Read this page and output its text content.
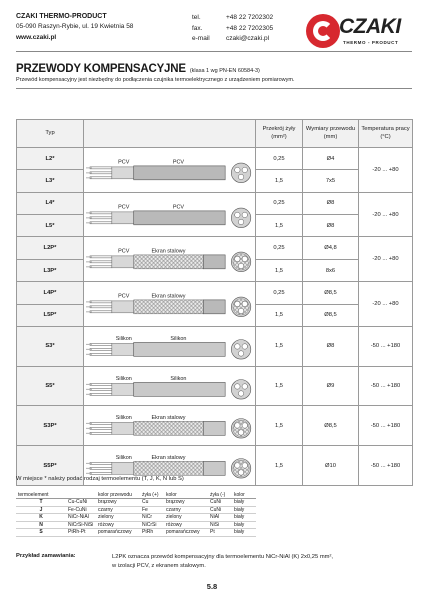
CZAKI THERMO-PRODUCT
05-090 Raszyn-Rybie, ul. 19 Kwietnia 58
www.czaki.pl
tel.	+48 22 7202302
fax.	+48 22 7202305
e-mail	czaki@czaki.pl
CZAKI
THERMO - PRODUCT
PRZEWODY KOMPENSACYJNE (klasa 1 wg PN-EN 60584-3)
Przewód kompensacyjny jest niezbędny do podłączenia czujnika termoelektrycznego z urządzeniem pomiarowym.
Typ		Przekrój żyły (mm²)	Wymiary przewodu (mm)	Temperatura pracy (°C)
L2*	PCV PCV	0,25	Ø4	-20 ... +80
L3*		1,5	7x5	
L4*	PCV PCV	0,25	Ø8	-20 ... +80
L5*		1,5	Ø8	
L2P*	PCV Ekran stalowy	0,25	Ø4,8	-20 ... +80
L3P*		1,5	8x6	
L4P*	PCV Ekran stalowy	0,25	Ø8,5	-20 ... +80
L5P*		1,5	Ø8,5	
S3*	Silikon Silikon	1,5	Ø8	-50 ... +180
S5*	Silikon Silikon	1,5	Ø9	-50 ... +180
S3P*	Silikon Ekran stalowy	1,5	Ø8,5	-50 ... +180
S5P*	Silikon Ekran stalowy	1,5	Ø10	-50 ... +180
W miejsce * należy podać rodzaj termoelementu (T, J, K, N lub S)
termoelement		kolor przewodu	żyła (+)	kolor	żyła (-)	kolor
T	Cu-CuNi	brązowy	Cu	brązowy	CuNi	biały
J	Fe-CuNi	czarny	Fe	czarny	CuNi	biały
K	NiCr-NiAl	zielony	NiCr	zielony	NiAl	biały
N	NiCrSi-NiSi	różowy	NiCrSi	różowy	NiSi	biały
S	PtRh-Pt	pomarańczowy	PtRh	pomarańczowy	Pt	biały
Przykład zamawiania:	L2PK oznacza przewód kompensacyjny dla termoelementu NiCr-NiAl (K) 2x0,25 mm²,
w izolacji PCV, z ekranem stalowym.
5.8
